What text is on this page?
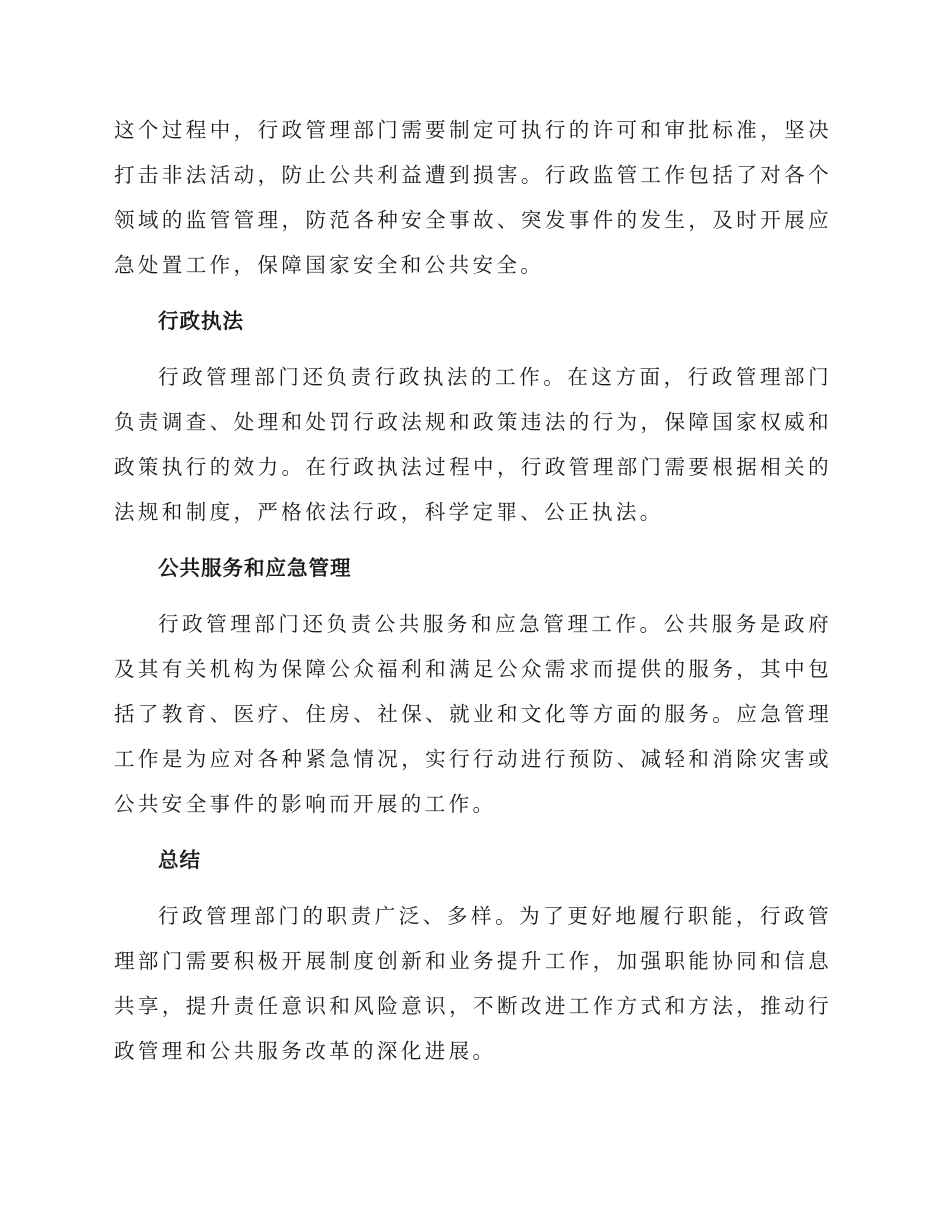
这个过程中，行政管理部门需要制定可执行的许可和审批标准，坚决打击非法活动，防止公共利益遭到损害。行政监管工作包括了对各个领域的监管管理，防范各种安全事故、突发事件的发生，及时开展应急处置工作，保障国家安全和公共安全。

行政执法

行政管理部门还负责行政执法的工作。在这方面，行政管理部门负责调查、处理和处罚行政法规和政策违法的行为，保障国家权威和政策执行的效力。在行政执法过程中，行政管理部门需要根据相关的法规和制度，严格依法行政，科学定罪、公正执法。

公共服务和应急管理

行政管理部门还负责公共服务和应急管理工作。公共服务是政府及其有关机构为保障公众福利和满足公众需求而提供的服务，其中包括了教育、医疗、住房、社保、就业和文化等方面的服务。应急管理工作是为应对各种紧急情况，实行行动进行预防、减轻和消除灾害或公共安全事件的影响而开展的工作。

总结

行政管理部门的职责广泛、多样。为了更好地履行职能，行政管理部门需要积极开展制度创新和业务提升工作，加强职能协同和信息共享，提升责任意识和风险意识，不断改进工作方式和方法，推动行政管理和公共服务改革的深化进展。
